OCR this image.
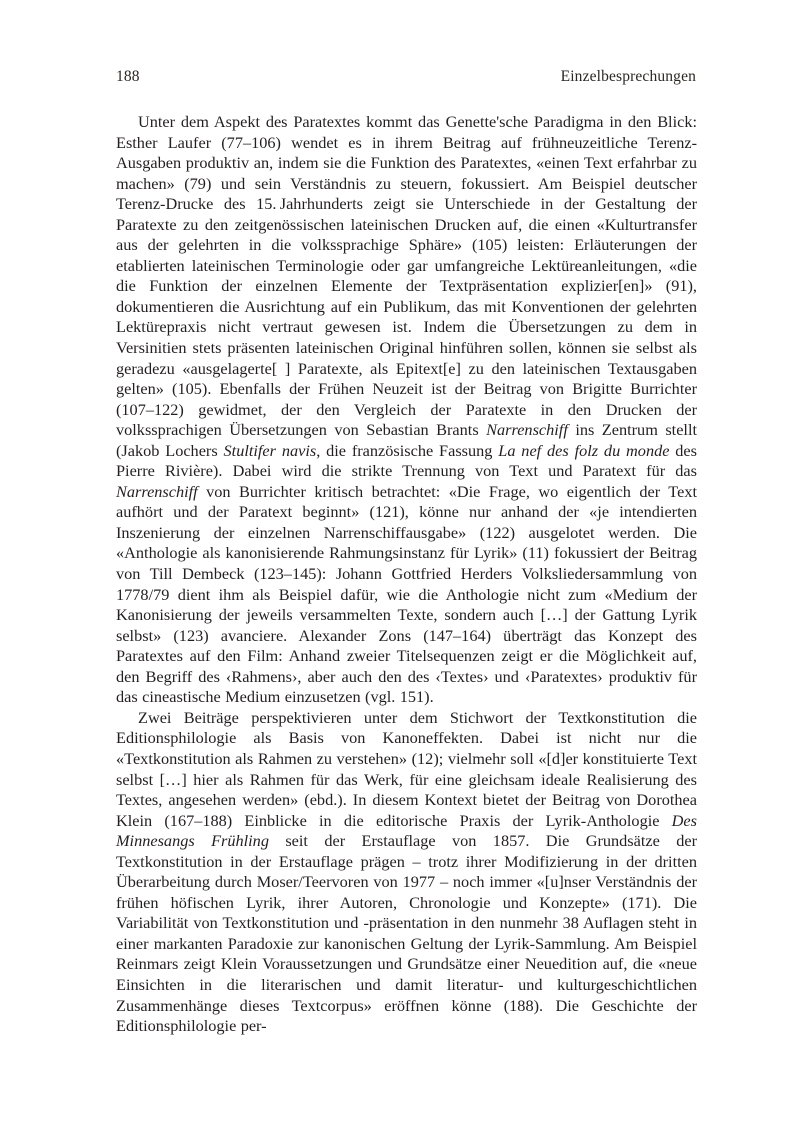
188	Einzelbesprechungen

Unter dem Aspekt des Paratextes kommt das Genette'sche Paradigma in den Blick: Esther Laufer (77–106) wendet es in ihrem Beitrag auf frühneuzeitliche Terenz-Ausgaben produktiv an, indem sie die Funktion des Paratextes, «einen Text erfahrbar zu machen» (79) und sein Verständnis zu steuern, fokussiert. Am Beispiel deutscher Terenz-Drucke des 15. Jahrhunderts zeigt sie Unterschiede in der Gestaltung der Paratexte zu den zeitgenössischen lateinischen Drucken auf, die einen «Kulturtransfer aus der gelehrten in die volkssprachige Sphäre» (105) leisten: Erläuterungen der etablierten lateinischen Terminologie oder gar umfangreiche Lektüreanleitungen, «die die Funktion der einzelnen Elemente der Textpräsentation explizier[en]» (91), dokumentieren die Ausrichtung auf ein Publikum, das mit Konventionen der gelehrten Lektürepraxis nicht vertraut gewesen ist. Indem die Übersetzungen zu dem in Versinitien stets präsenten lateinischen Original hinführen sollen, können sie selbst als geradezu «ausgelagerte[ ] Paratexte, als Epitext[e] zu den lateinischen Textausgaben gelten» (105). Ebenfalls der Frühen Neuzeit ist der Beitrag von Brigitte Burrichter (107–122) gewidmet, der den Vergleich der Paratexte in den Drucken der volkssprachigen Übersetzungen von Sebastian Brants Narrenschiff ins Zentrum stellt (Jakob Lochers Stultifer navis, die französische Fassung La nef des folz du monde des Pierre Rivière). Dabei wird die strikte Trennung von Text und Paratext für das Narrenschiff von Burrichter kritisch betrachtet: «Die Frage, wo eigentlich der Text aufhört und der Paratext beginnt» (121), könne nur anhand der «je intendierten Inszenierung der einzelnen Narrenschiffausgabe» (122) ausgelotet werden. Die «Anthologie als kanonisierende Rahmungsinstanz für Lyrik» (11) fokussiert der Beitrag von Till Dembeck (123–145): Johann Gottfried Herders Volksliedersammlung von 1778/79 dient ihm als Beispiel dafür, wie die Anthologie nicht zum «Medium der Kanonisierung der jeweils versammelten Texte, sondern auch […] der Gattung Lyrik selbst» (123) avanciere. Alexander Zons (147–164) überträgt das Konzept des Paratextes auf den Film: Anhand zweier Titelsequenzen zeigt er die Möglichkeit auf, den Begriff des ‹Rahmens›, aber auch den des ‹Textes› und ‹Paratextes› produktiv für das cineastische Medium einzusetzen (vgl. 151).

Zwei Beiträge perspektivieren unter dem Stichwort der Textkonstitution die Editionsphilologie als Basis von Kanoneffekten. Dabei ist nicht nur die «Textkonstitution als Rahmen zu verstehen» (12); vielmehr soll «[d]er konstituierte Text selbst […] hier als Rahmen für das Werk, für eine gleichsam ideale Realisierung des Textes, angesehen werden» (ebd.). In diesem Kontext bietet der Beitrag von Dorothea Klein (167–188) Einblicke in die editorische Praxis der Lyrik-Anthologie Des Minnesangs Frühling seit der Erstauflage von 1857. Die Grundsätze der Textkonstitution in der Erstauflage prägen – trotz ihrer Modifizierung in der dritten Überarbeitung durch Moser/Teervoren von 1977 – noch immer «[u]nser Verständnis der frühen höfischen Lyrik, ihrer Autoren, Chronologie und Konzepte» (171). Die Variabilität von Textkonstitution und -präsentation in den nunmehr 38 Auflagen steht in einer markanten Paradoxie zur kanonischen Geltung der Lyrik-Sammlung. Am Beispiel Reinmars zeigt Klein Voraussetzungen und Grundsätze einer Neuedition auf, die «neue Einsichten in die literarischen und damit literatur- und kulturgeschichtlichen Zusammenhänge dieses Textcorpus» eröffnen könne (188). Die Geschichte der Editionsphilologie per-
